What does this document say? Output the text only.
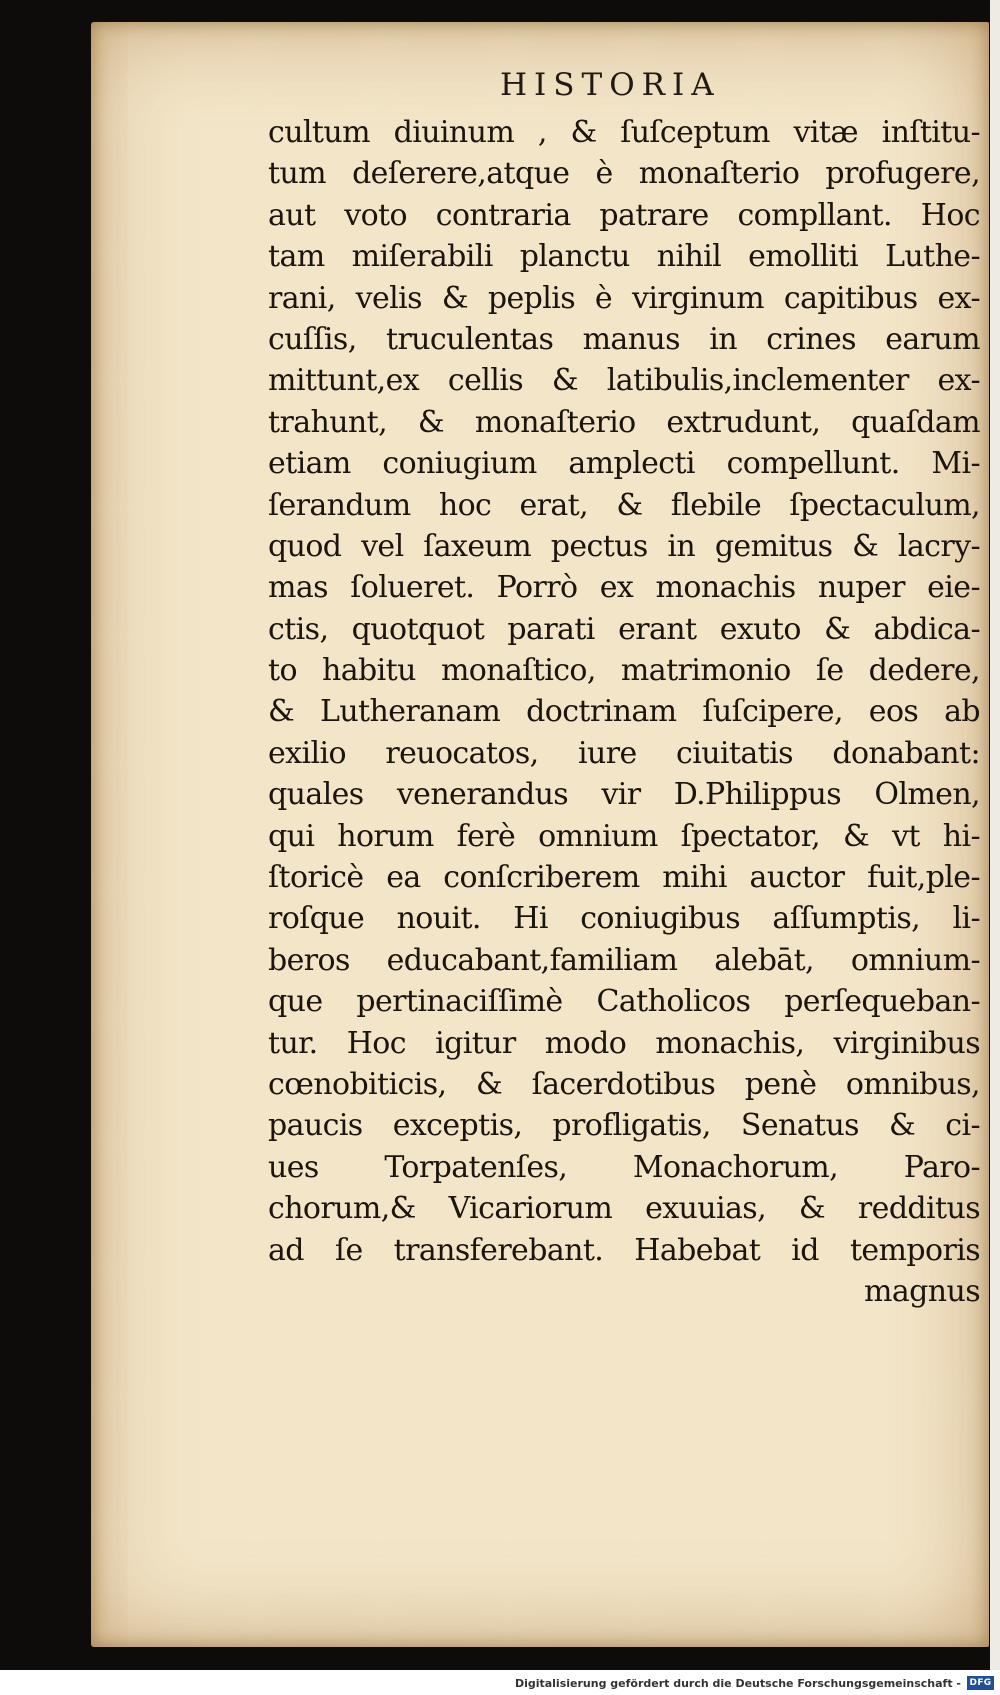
HISTORIA
cultum diuinum , & ſuſceptum vitæ inſtitu-
tum deſerere,atque è monaſterio profugere,
aut voto contraria patrare compllant. Hoc
tam miſerabili planctu nihil emolliti Luthe-
rani, velis & peplis è virginum capitibus ex-
cuſſis, truculentas manus in crines earum
mittunt,ex cellis & latibulis,inclementer ex-
trahunt, & monaſterio extrudunt, quaſdam
etiam coniugium amplecti compellunt. Mi-
ſerandum hoc erat, & flebile ſpectaculum,
quod vel ſaxeum pectus in gemitus & lacry-
mas ſolueret. Porrò ex monachis nuper eie-
ctis, quotquot parati erant exuto & abdica-
to habitu monaſtico, matrimonio ſe dedere,
& Lutheranam doctrinam ſuſcipere, eos ab
exilio reuocatos, iure ciuitatis donabant:
quales venerandus vir D.Philippus Olmen,
qui horum ferè omnium ſpectator, & vt hi-
ſtoricè ea conſcriberem mihi auctor fuit,ple-
roſque nouit. Hi coniugibus aſſumptis, li-
beros educabant,familiam alebāt, omnium-
que pertinaciſſimè Catholicos perſequeban-
tur. Hoc igitur modo monachis, virginibus
cœnobiticis, & ſacerdotibus penè omnibus,
paucis exceptis, profligatis, Senatus & ci-
ues Torpatenſes, Monachorum, Paro-
chorum,& Vicariorum exuuias, & redditus
ad ſe transferebant. Habebat id temporis
magnus
Digitalisierung gefördert durch die Deutsche Forschungsgemeinschaft - DFG
